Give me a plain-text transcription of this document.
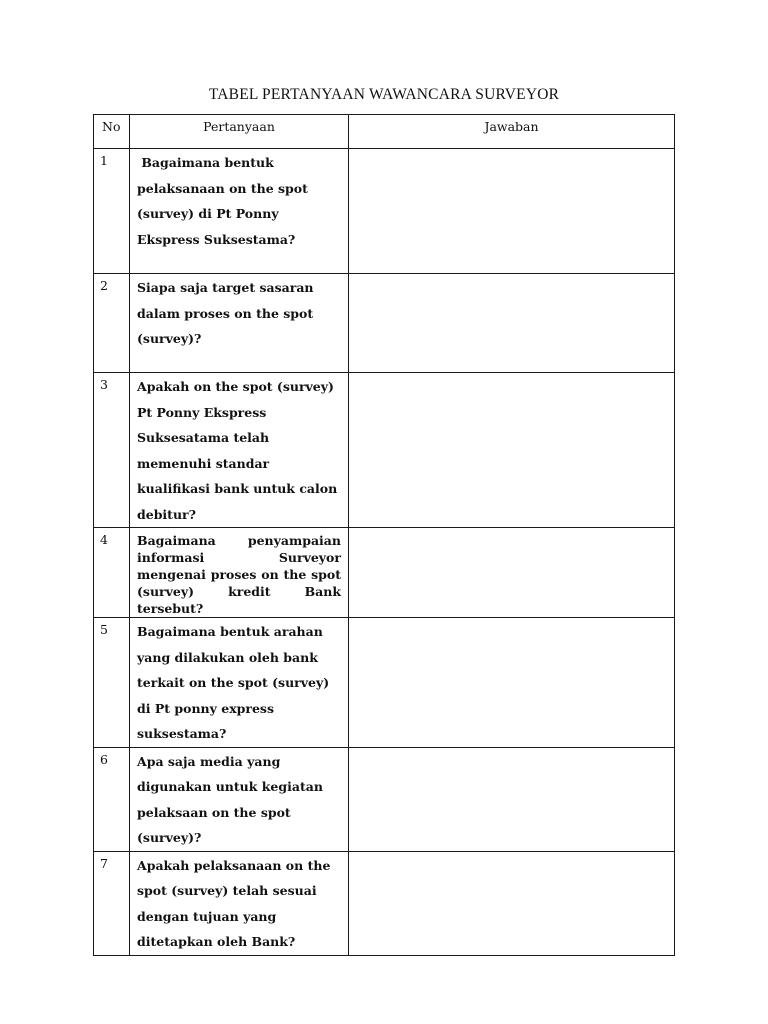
TABEL PERTANYAAN WAWANCARA SURVEYOR
No	Pertanyaan	Jawaban
1	Bagaimana bentuk pelaksanaan on the spot (survey) di Pt Ponny Ekspress Suksestama?	

2	Siapa saja target sasaran dalam proses on the spot (survey)?	

3	Apakah on the spot (survey) Pt Ponny Ekspress Suksesatama telah memenuhi standar kualifikasi bank untuk calon debitur?	

4	Bagaimana penyampaian informasi Surveyor mengenai proses on the spot (survey) kredit Bank tersebut?	

5	Bagaimana bentuk arahan yang dilakukan oleh bank terkait on the spot (survey) di Pt ponny express suksestama?	

6	Apa saja media yang digunakan untuk kegiatan pelaksaan on the spot (survey)?	

7	Apakah pelaksanaan on the spot (survey) telah sesuai dengan tujuan yang ditetapkan oleh Bank?	
